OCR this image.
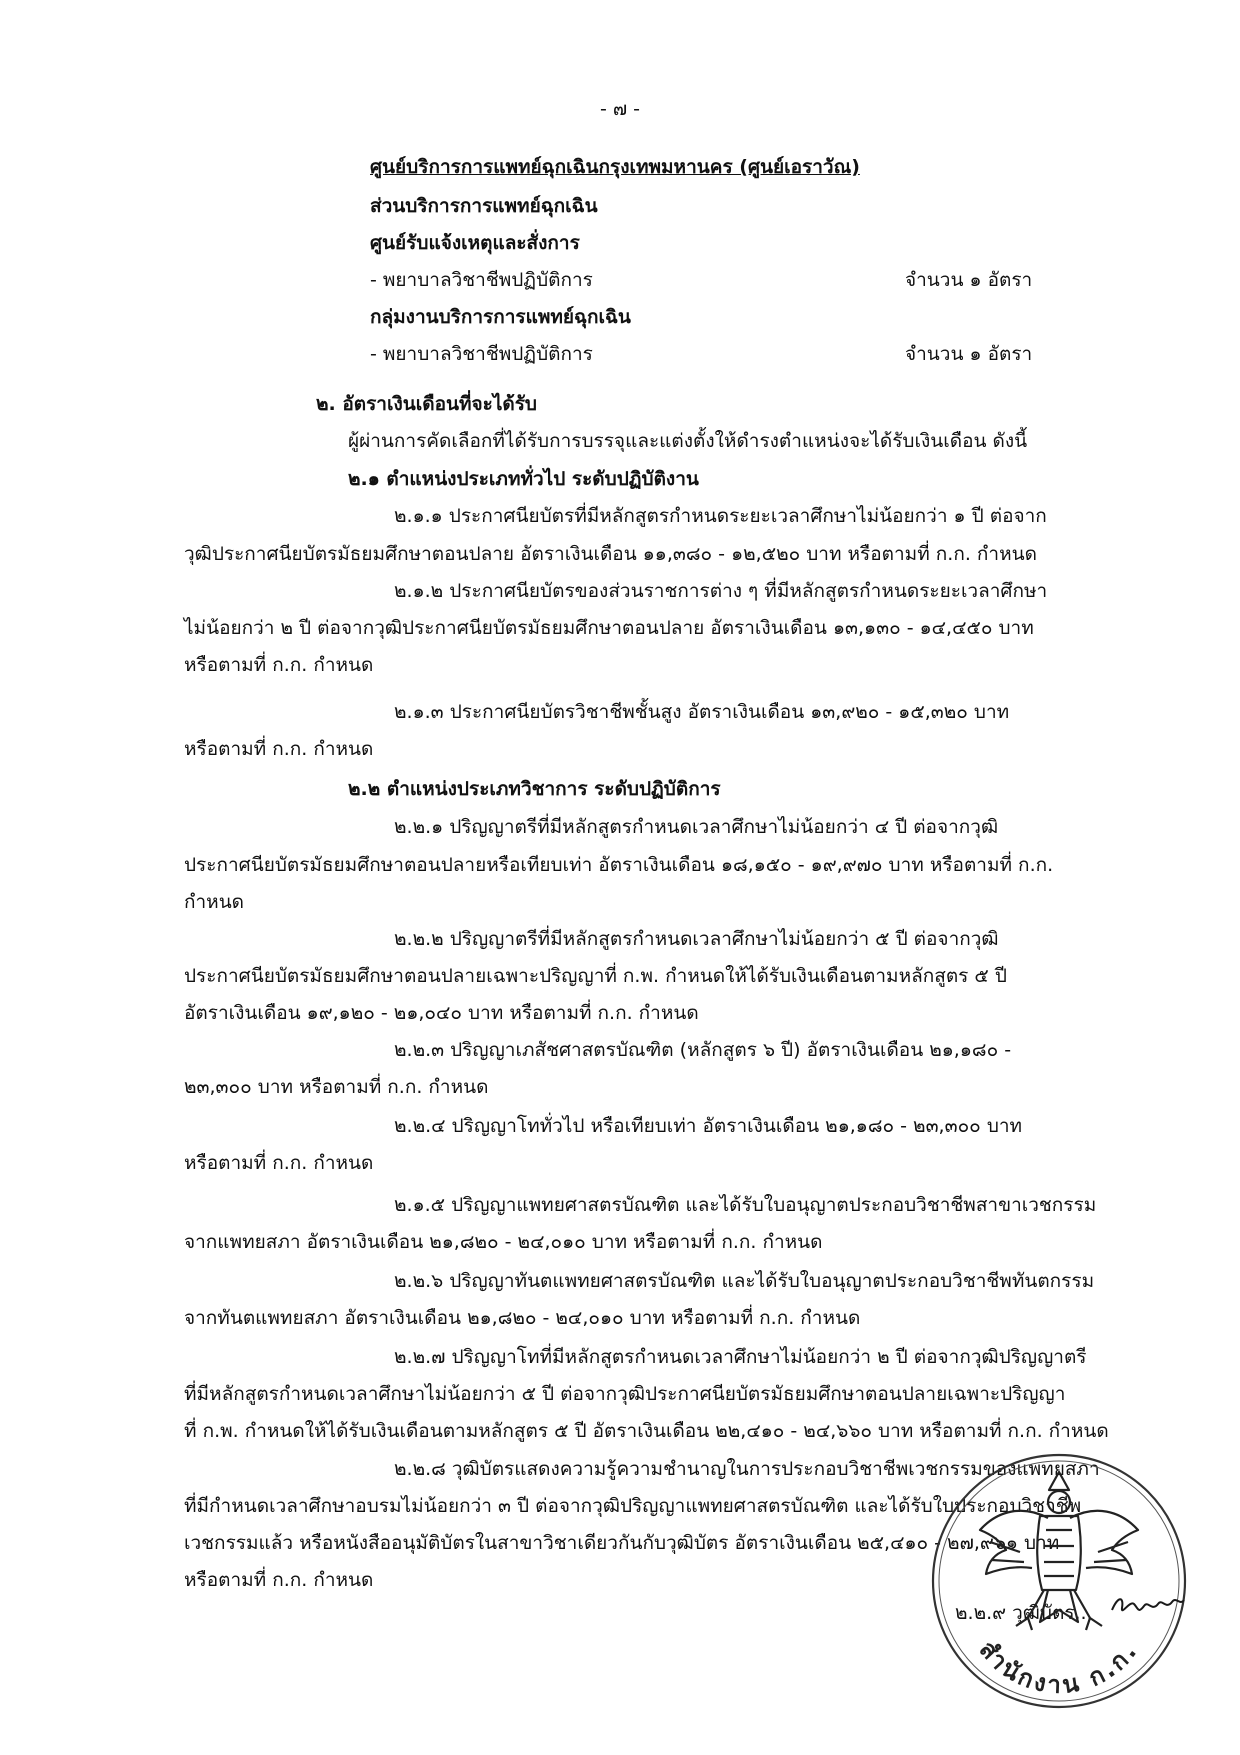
- ๗ -
ศูนย์บริการการแพทย์ฉุกเฉินกรุงเทพมหานคร (ศูนย์เอราวัณ)
ส่วนบริการการแพทย์ฉุกเฉิน
ศูนย์รับแจ้งเหตุและสั่งการ
- พยาบาลวิชาชีพปฏิบัติการ	จำนวน ๑ อัตรา
กลุ่มงานบริการการแพทย์ฉุกเฉิน
- พยาบาลวิชาชีพปฏิบัติการ	จำนวน ๑ อัตรา
๒. อัตราเงินเดือนที่จะได้รับ
ผู้ผ่านการคัดเลือกที่ได้รับการบรรจุและแต่งตั้งให้ดำรงตำแหน่งจะได้รับเงินเดือน ดังนี้
๒.๑ ตำแหน่งประเภททั่วไป ระดับปฏิบัติงาน
๒.๑.๑ ประกาศนียบัตรที่มีหลักสูตรกำหนดระยะเวลาศึกษาไม่น้อยกว่า ๑ ปี ต่อจาก
วุฒิประกาศนียบัตรมัธยมศึกษาตอนปลาย อัตราเงินเดือน ๑๑,๓๘๐ - ๑๒,๕๒๐ บาท หรือตามที่ ก.ก. กำหนด
๒.๑.๒ ประกาศนียบัตรของส่วนราชการต่าง ๆ ที่มีหลักสูตรกำหนดระยะเวลาศึกษา
ไม่น้อยกว่า ๒ ปี ต่อจากวุฒิประกาศนียบัตรมัธยมศึกษาตอนปลาย อัตราเงินเดือน ๑๓,๑๓๐ - ๑๔,๔๕๐ บาท
หรือตามที่ ก.ก. กำหนด
๒.๑.๓ ประกาศนียบัตรวิชาชีพชั้นสูง อัตราเงินเดือน ๑๓,๙๒๐ - ๑๕,๓๒๐ บาท
หรือตามที่ ก.ก. กำหนด
๒.๒ ตำแหน่งประเภทวิชาการ ระดับปฏิบัติการ
๒.๒.๑ ปริญญาตรีที่มีหลักสูตรกำหนดเวลาศึกษาไม่น้อยกว่า ๔ ปี ต่อจากวุฒิ
ประกาศนียบัตรมัธยมศึกษาตอนปลายหรือเทียบเท่า อัตราเงินเดือน ๑๘,๑๕๐ - ๑๙,๙๗๐ บาท หรือตามที่ ก.ก.
กำหนด
๒.๒.๒ ปริญญาตรีที่มีหลักสูตรกำหนดเวลาศึกษาไม่น้อยกว่า ๕ ปี ต่อจากวุฒิ
ประกาศนียบัตรมัธยมศึกษาตอนปลายเฉพาะปริญญาที่ ก.พ. กำหนดให้ได้รับเงินเดือนตามหลักสูตร ๕ ปี
อัตราเงินเดือน ๑๙,๑๒๐ - ๒๑,๐๔๐ บาท หรือตามที่ ก.ก. กำหนด
๒.๒.๓ ปริญญาเภสัชศาสตรบัณฑิต (หลักสูตร ๖ ปี) อัตราเงินเดือน ๒๑,๑๘๐ -
๒๓,๓๐๐ บาท หรือตามที่ ก.ก. กำหนด
๒.๒.๔ ปริญญาโททั่วไป หรือเทียบเท่า อัตราเงินเดือน ๒๑,๑๘๐ - ๒๓,๓๐๐ บาท
หรือตามที่ ก.ก. กำหนด
๒.๑.๕ ปริญญาแพทยศาสตรบัณฑิต และได้รับใบอนุญาตประกอบวิชาชีพสาขาเวชกรรม
จากแพทยสภา อัตราเงินเดือน ๒๑,๘๒๐ - ๒๔,๐๑๐ บาท หรือตามที่ ก.ก. กำหนด
๒.๒.๖ ปริญญาทันตแพทยศาสตรบัณฑิต และได้รับใบอนุญาตประกอบวิชาชีพทันตกรรม
จากทันตแพทยสภา อัตราเงินเดือน ๒๑,๘๒๐ - ๒๔,๐๑๐ บาท หรือตามที่ ก.ก. กำหนด
๒.๒.๗ ปริญญาโทที่มีหลักสูตรกำหนดเวลาศึกษาไม่น้อยกว่า ๒ ปี ต่อจากวุฒิปริญญาตรี
ที่มีหลักสูตรกำหนดเวลาศึกษาไม่น้อยกว่า ๕ ปี ต่อจากวุฒิประกาศนียบัตรมัธยมศึกษาตอนปลายเฉพาะปริญญา
ที่ ก.พ. กำหนดให้ได้รับเงินเดือนตามหลักสูตร ๕ ปี อัตราเงินเดือน ๒๒,๔๑๐ - ๒๔,๖๖๐ บาท หรือตามที่ ก.ก. กำหนด
๒.๒.๘ วุฒิบัตรแสดงความรู้ความชำนาญในการประกอบวิชาชีพเวชกรรมของแพทยสภา
ที่มีกำหนดเวลาศึกษาอบรมไม่น้อยกว่า ๓ ปี ต่อจากวุฒิปริญญาแพทยศาสตรบัณฑิต และได้รับใบประกอบวิชาชีพ
เวชกรรมแล้ว หรือหนังสืออนุมัติบัตรในสาขาวิชาเดียวกันกับวุฒิบัตร อัตราเงินเดือน ๒๕,๔๑๐ - ๒๗,๙๖๑ บาท
หรือตามที่ ก.ก. กำหนด
๒.๒.๙ วุฒิบัตร...
สำนักงาน ก.ก.
